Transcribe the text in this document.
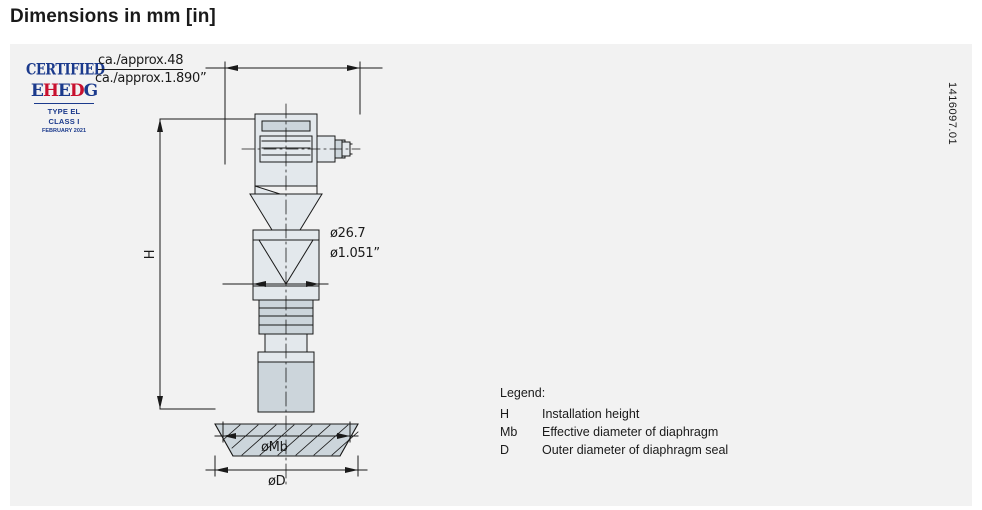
Dimensions in mm [in]
CERTIFIED
EHEDG
TYPE EL
CLASS I
FEBRUARY 2021	1416097.01
ca./approx.48
ca./approx.1.890”
H
ø26.7
ø1.051”
øMb
øD
Legend:
H	Installation height
Mb	Effective diameter of diaphragm
D	Outer diameter of diaphragm seal
